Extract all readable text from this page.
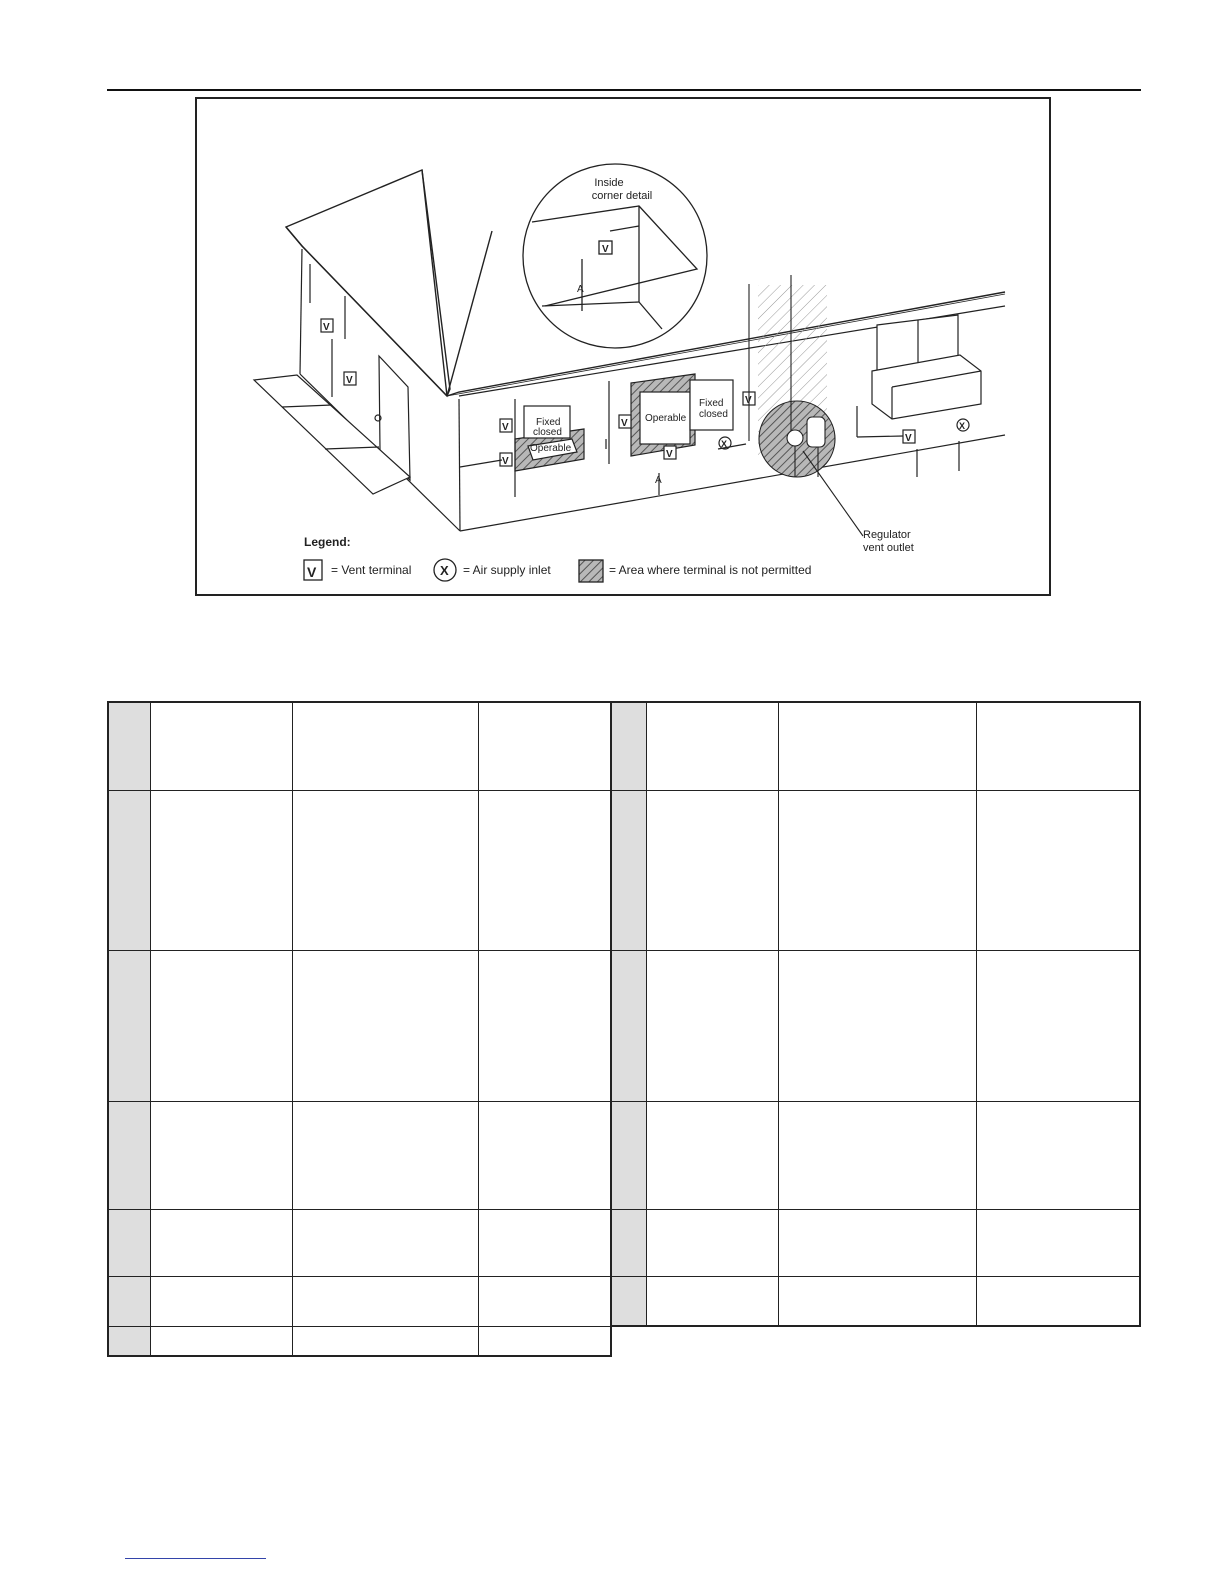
Inside
corner detail
V
A
V
V
Fixed
closed
Operable
V
V
Operable
Fixed
closed
V
V
V
X
A
Regulator
vent outlet
V
X
Legend:
V	X
= Vent terminal	= Air supply inlet	= Area where terminal is not permitted
